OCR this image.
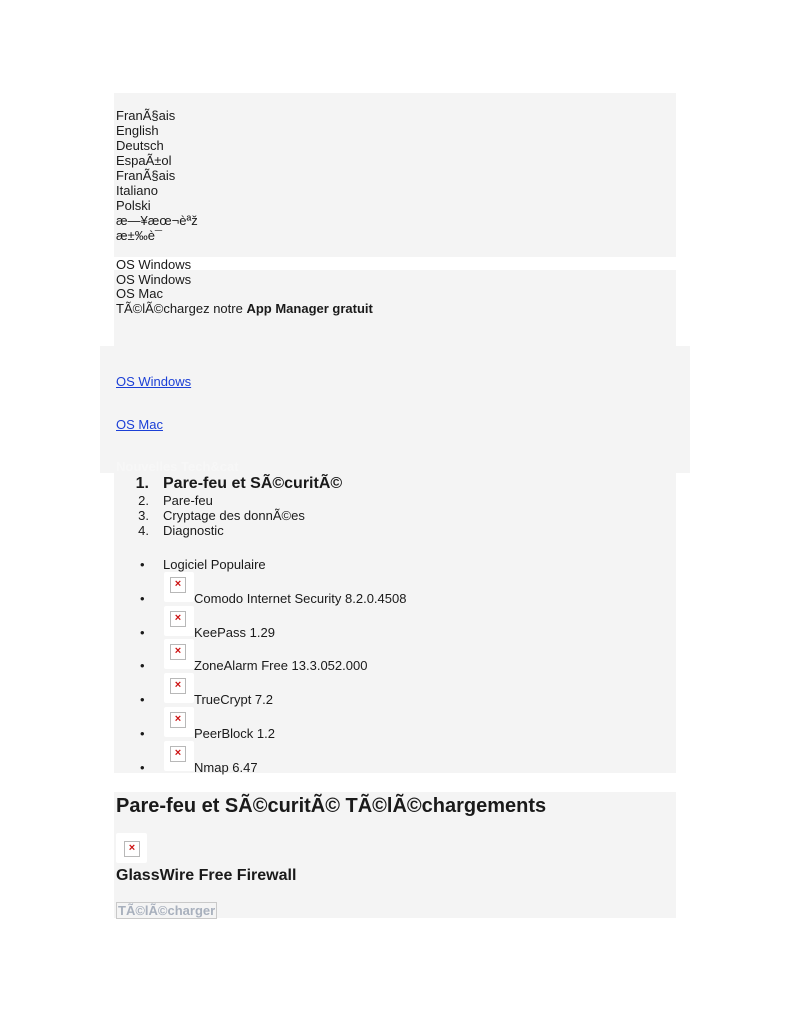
FranÃ§ais
English
Deutsch
EspaÃ±ol
FranÃ§ais
Italiano
Polski
æ—¥æœ¬èªž
æ±‰è¯
OS Windows
OS Windows
OS Mac
TÃ©lÃ©chargez notre App Manager gratuit
OS Windows
OS Mac
Nouvelles Tech&cat
1. Pare-feu et SÃ©curitÃ©
2. Pare-feu
3. Cryptage des donnÃ©es
4. Diagnostic
• Logiciel Populaire
•
×
Comodo Internet Security 8.2.0.4508
•
×
KeePass 1.29
•
×
ZoneAlarm Free 13.3.052.000
•
×
TrueCrypt 7.2
•
×
PeerBlock 1.2
•
×
Nmap 6.47
Pare-feu et SÃ©curitÃ© TÃ©lÃ©chargements
×
GlassWire Free Firewall
TÃ©lÃ©charger
